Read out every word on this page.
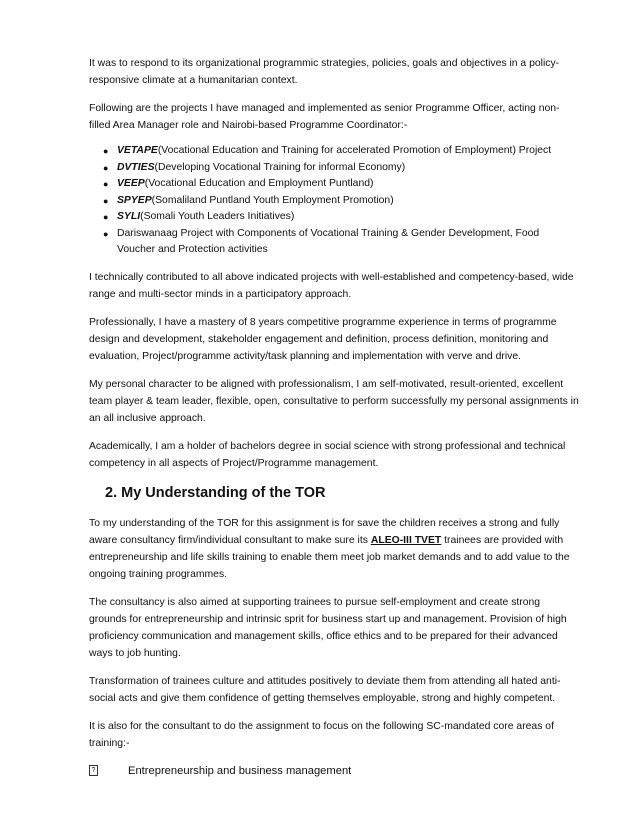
It was to respond to its organizational programmic strategies, policies, goals and objectives in a policy-responsive climate at a humanitarian context.

Following are the projects I have managed and implemented as senior Programme Officer, acting non-filled Area Manager role and Nairobi-based Programme Coordinator:-

● VETAPE(Vocational Education and Training for accelerated Promotion of Employment) Project
● DVTIES(Developing Vocational Training for informal Economy)
● VEEP(Vocational Education and Employment Puntland)
● SPYEP(Somaliland Puntland Youth Employment Promotion)
● SYLI(Somali Youth Leaders Initiatives)
● Dariswanaag Project with Components of Vocational Training & Gender Development, Food Voucher and Protection activities

I technically contributed to all above indicated projects with well-established and competency-based, wide range and multi-sector minds in a participatory approach.

Professionally, I have a mastery of 8 years competitive programme experience in terms of programme design and development, stakeholder engagement and definition, process definition, monitoring and evaluation, Project/programme activity/task planning and implementation with verve and drive.

My personal character to be aligned with professionalism, I am self-motivated, result-oriented, excellent team player & team leader, flexible, open, consultative to perform successfully my personal assignments in an all inclusive approach.

Academically, I am a holder of bachelors degree in social science with strong professional and technical competency in all aspects of Project/Programme management.

2. My Understanding of the TOR

To my understanding of the TOR for this assignment is for save the children receives a strong and fully aware consultancy firm/individual consultant to make sure its ALEO-III TVET trainees are provided with entrepreneurship and life skills training to enable them meet job market demands and to add value to the ongoing training programmes.

The consultancy is also aimed at supporting trainees to pursue self-employment and create strong grounds for entrepreneurship and intrinsic sprit for business start up and management. Provision of high proficiency communication and management skills, office ethics and to be prepared for their advanced ways to job hunting.

Transformation of trainees culture and attitudes positively to deviate them from attending all hated anti-social acts and give them confidence of getting themselves employable, strong and highly competent.

It is also for the consultant to do the assignment to focus on the following SC-mandated core areas of training:-

?	Entrepreneurship and business management
